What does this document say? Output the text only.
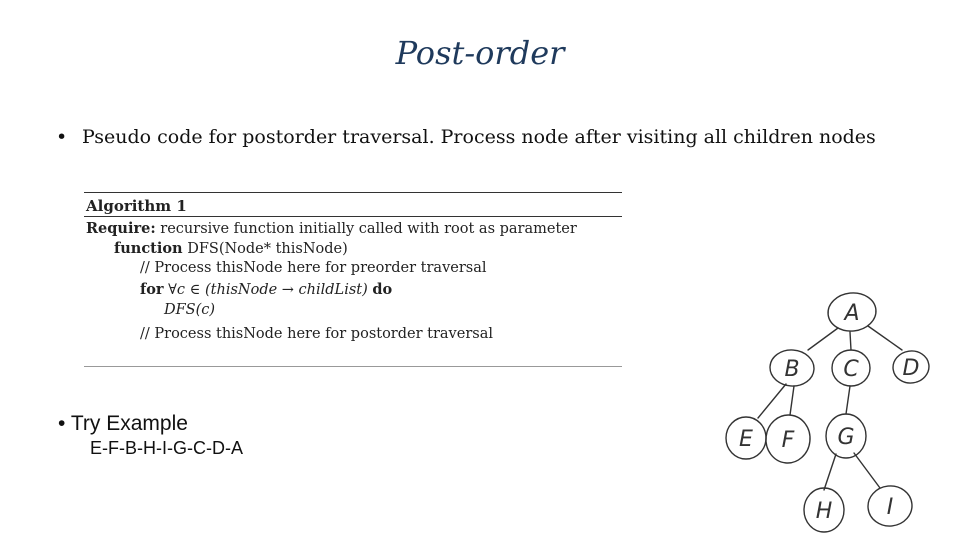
Post-order
• Pseudo code for postorder traversal. Process node after visiting all children nodes
Algorithm 1
Require: recursive function initially called with root as parameter
function DFS(Node* thisNode)
// Process thisNode here for preorder traversal
for ∀c ∈ (thisNode → childList) do
DFS(c)
// Process thisNode here for postorder traversal
• Try Example
E-F-B-H-I-G-C-D-A
A
B C D
E F G
H I
